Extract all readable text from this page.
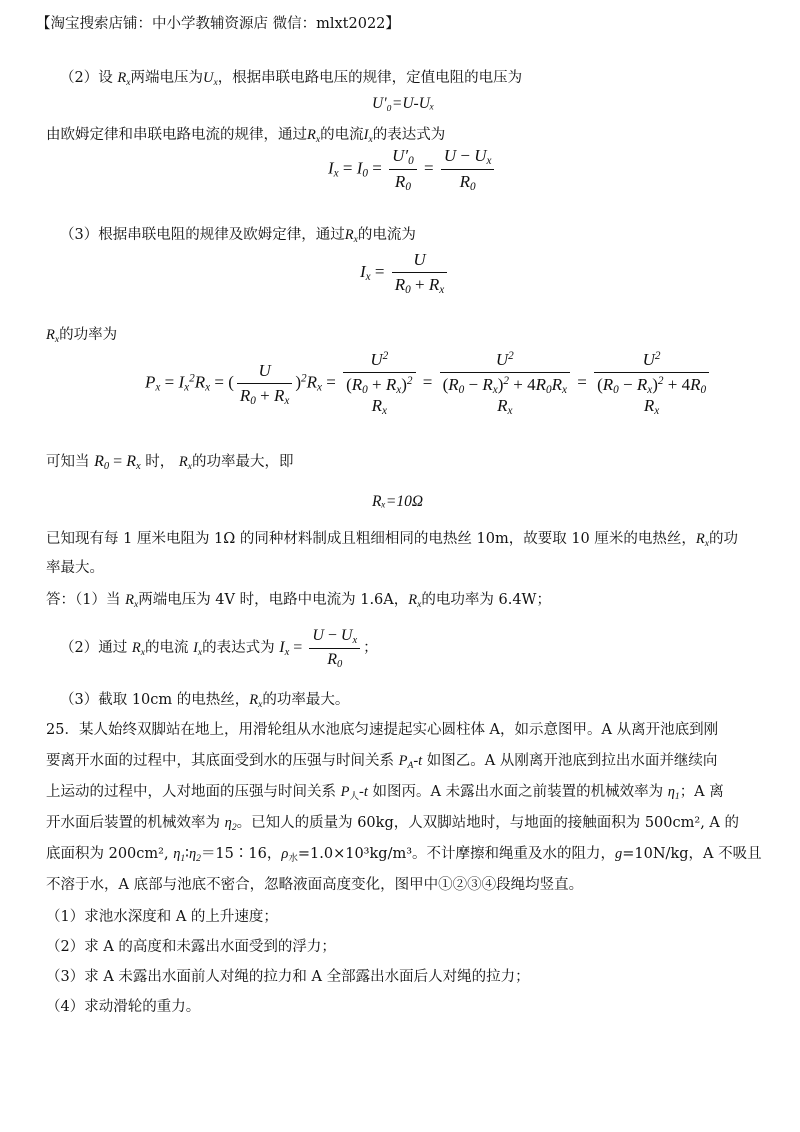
【淘宝搜索店铺：中小学教辅资源店 微信：mlxt2022】
（2）设 $R_x$两端电压为$U_x$，根据串联电路电压的规律，定值电阻的电压为
U'₀=U-Uₓ
由欧姆定律和串联电路电流的规律，通过$R_x$的电流$I_x$的表达式为
$I_x = I_0 = \frac{U'_0}{R_0} = \frac{U - U_x}{R_0}$
（3）根据串联电阻的规律及欧姆定律，通过$R_x$的电流为
$I_x = \frac{U}{R_0 + R_x}$
$R_x$的功率为
$P_x = I_x^2R_x$ = ( $\frac{U}{R_0 + R_x} )^2R_x$ =
$U^2$
$(R_0 + R_x)^2$
$R_x$
=
$U^2$
$(R_0 - R_x)^2 + 4R_0R_x$
$R_x$
=
$U^2$
$(R_0 - R_x)^2 + 4R_0$
$R_x$
可知当 $R_0 = R_x$ 时， $R_x$的功率最大，即
Rₓ=10Ω
已知现有每 1 厘米电阻为 1Ω 的同种材料制成且粗细相同的电热丝 10m，故要取 10 厘米的电热丝，$R_x$的功
率最大。
答：（1）当 $R_x$两端电压为 4V 时，电路中电流为 1.6A，$R_x$的电功率为 6.4W；
（2）通过 $R_x$的电流 $I_x$的表达式为 $I_x = \frac{U - U_x}{R_0}$ ；
（3）截取 10cm 的电热丝，$R_x$的功率最大。
25．某人始终双脚站在地上，用滑轮组从水池底匀速提起实心圆柱体 A，如示意图甲。A 从离开池底到刚
要离开水面的过程中，其底面受到水的压强与时间关系 $P_A-t$ 如图乙。A 从刚离开池底到拉出水面并继续向
上运动的过程中，人对地面的压强与时间关系 $P_人-t$ 如图丙。A 未露出水面之前装置的机械效率为 $\eta_1$；A 离
开水面后装置的机械效率为 $\eta_2$。已知人的质量为 60kg，人双脚站地时，与地面的接触面积为 500cm², A 的
底面积为 200cm², $\eta_1∶\eta_2=15∶16$，$\rho_水=1.0\times 10^3kg/m^3$。不计摩擦和绳重及水的阻力，g=10N/kg，A 不吸且
不溶于水，A 底部与池底不密合，忽略液面高度变化，图甲中①②③④段绳均竖直。
（1）求池水深度和 A 的上升速度；
（2）求 A 的高度和未露出水面受到的浮力；
（3）求 A 未露出水面前人对绳的拉力和 A 全部露出水面后人对绳的拉力；
（4）求动滑轮的重力。
